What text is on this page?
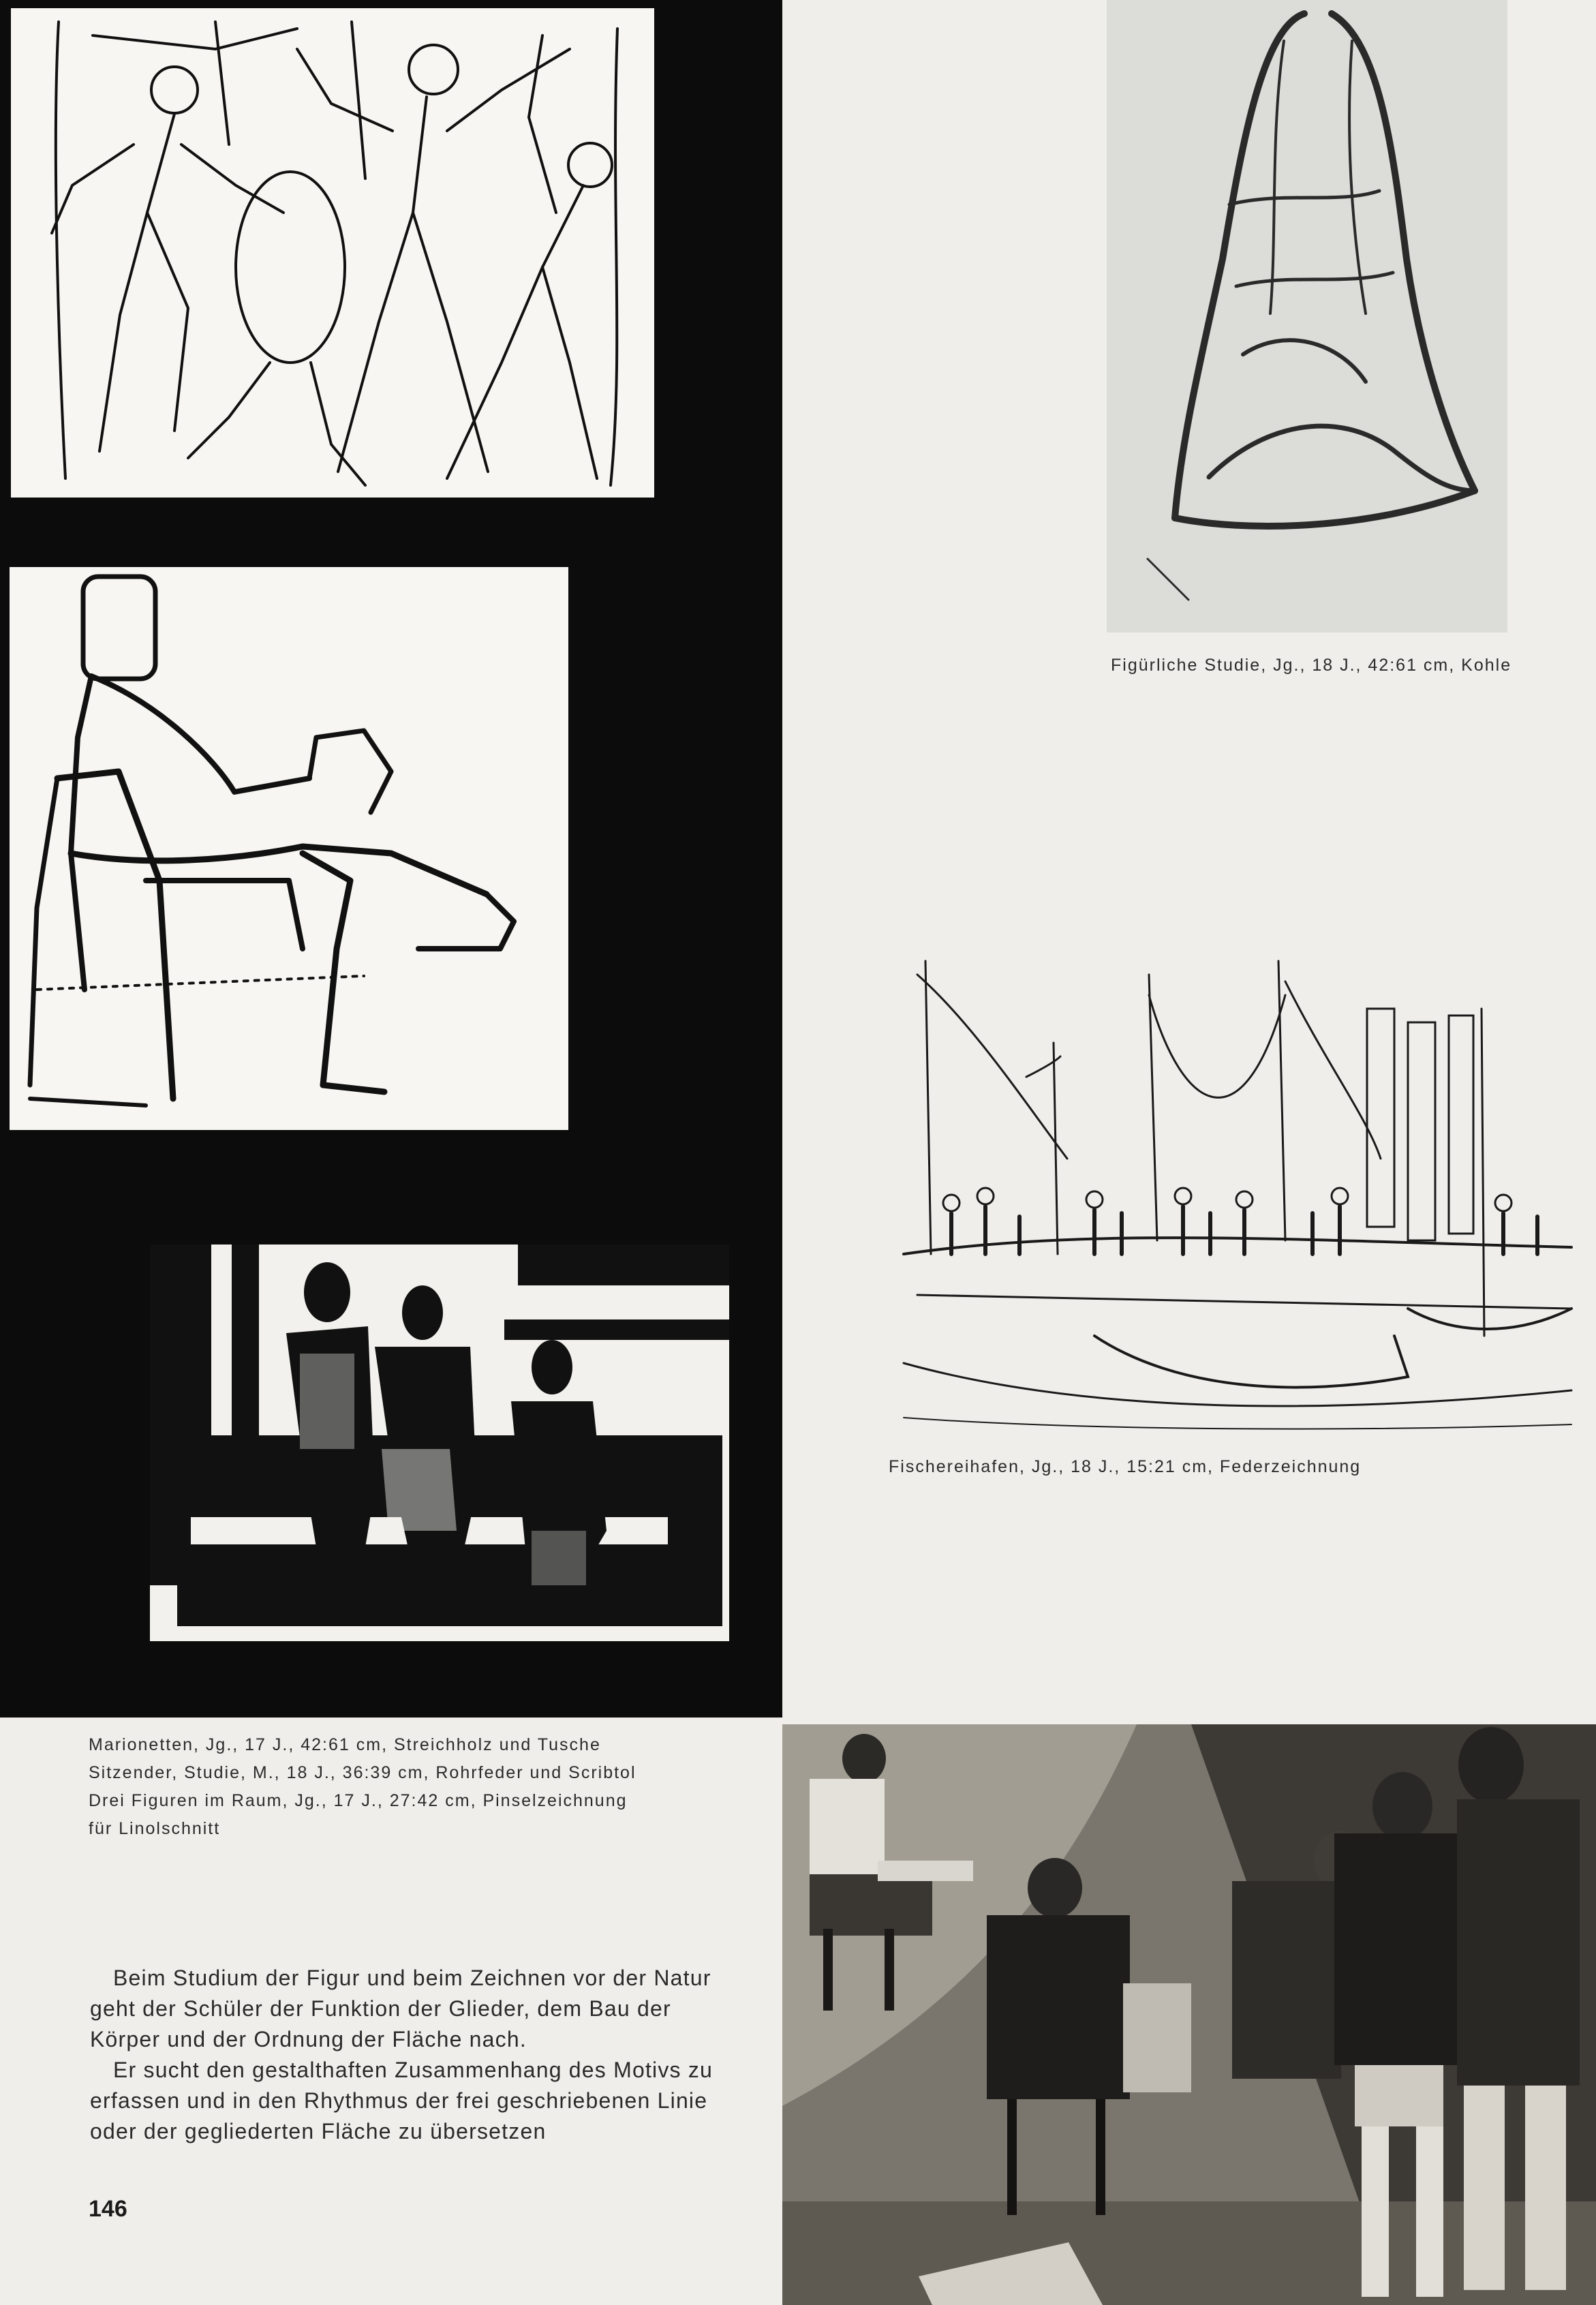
Figürliche Studie, Jg., 18 J., 42:61 cm, Kohle
Fischereihafen, Jg., 18 J., 15:21 cm, Federzeichnung
Marionetten, Jg., 17 J., 42:61 cm, Streichholz und Tusche
Sitzender, Studie, M., 18 J., 36:39 cm, Rohrfeder und Scribtol
Drei Figuren im Raum, Jg., 17 J., 27:42 cm, Pinselzeichnung
für Linolschnitt

Beim Studium der Figur und beim Zeichnen vor der Natur geht der Schüler der Funktion der Glieder, dem Bau der Körper und der Ordnung der Fläche nach.

Er sucht den gestalthaften Zusammenhang des Motivs zu erfassen und in den Rhythmus der frei geschriebenen Linie oder der gegliederten Fläche zu übersetzen

146
